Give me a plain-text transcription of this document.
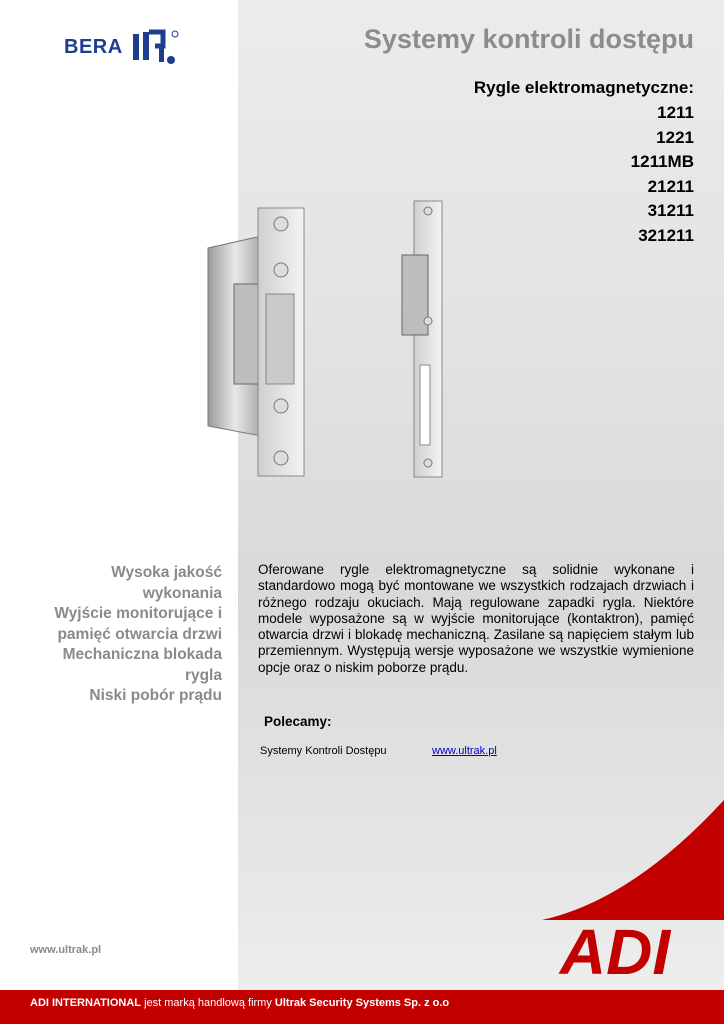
BERA	Systemy kontroli dostępu
Rygle elektromagnetyczne:
1211
1221
1211MB
21211
31211
321211
Wysoka jakość
wykonania
Wyjście monitorujące i
pamięć otwarcia drzwi
Mechaniczna blokada
rygla
Niski pobór prądu
Oferowane rygle elektromagnetyczne są solidnie wykonane i standardowo mogą być montowane we wszystkich rodzajach drzwiach i różnego rodzaju okuciach. Mają regulowane zapadki rygla. Niektóre modele wyposażone są w wyjście monitorujące (kontaktron), pamięć otwarcia drzwi i blokadę mechaniczną. Zasilane są napięciem stałym lub przemiennym. Występują wersje wyposażone we wszystkie wymienione opcje oraz o niskim poborze prądu.
Polecamy:
Systemy Kontroli Dostępu	www.ultrak.pl
www.ultrak.pl	ADI
ADI INTERNATIONAL jest marką handlową firmy Ultrak Security Systems Sp. z o.o
